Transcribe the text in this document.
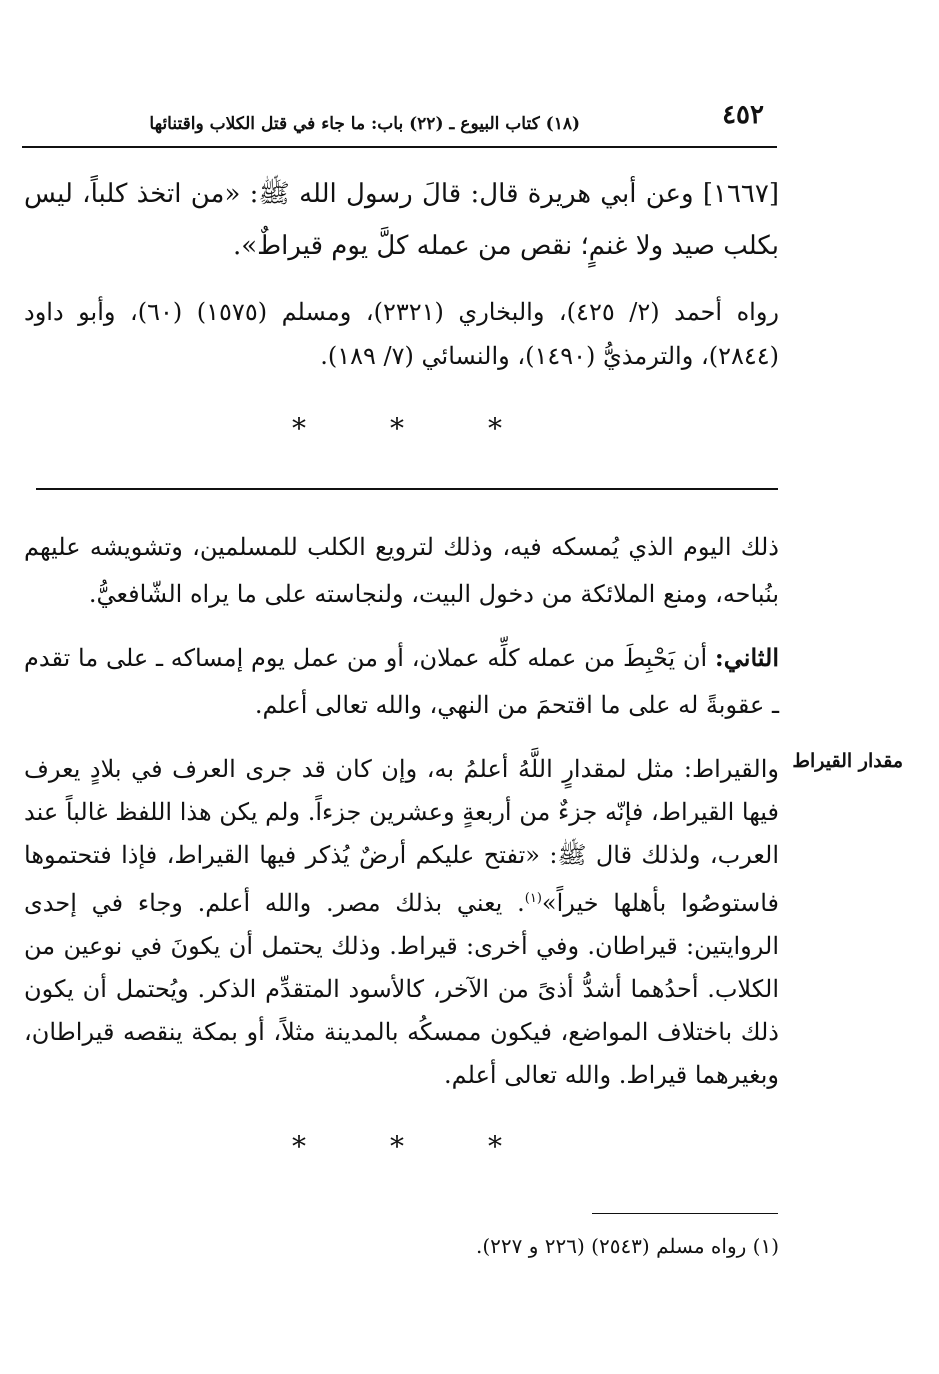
٤٥٢
(١٨) كتاب البيوع ـ (٢٢) باب: ما جاء في قتل الكلاب واقتنائها
[١٦٦٧] وعن أبي هريرة قال: قالَ رسول الله ﷺ: «من اتخذ كلباً، ليس بكلب صيد ولا غنمٍ؛ نقص من عمله كلَّ يوم قيراطٌ».
رواه أحمد (٢/ ٤٢٥)، والبخاري (٢٣٢١)، ومسلم (١٥٧٥) (٦٠)، وأبو داود (٢٨٤٤)، والترمذيُّ (١٤٩٠)، والنسائي (٧/ ١٨٩).
*	*	*
ذلك اليوم الذي يُمسكه فيه، وذلك لترويع الكلب للمسلمين، وتشويشه عليهم بنُباحه، ومنع الملائكة من دخول البيت، ولنجاسته على ما يراه الشّافعيُّ.
الثاني: أن يَحْبِطَ من عمله كلِّه عملان، أو من عمل يوم إمساكه ـ على ما تقدم ـ عقوبةً له على ما اقتحمَ من النهي، والله تعالى أعلم.
مقدار القيراط
والقيراط: مثل لمقدارٍ اللَّهُ أعلمُ به، وإن كان قد جرى العرف في بلادٍ يعرف فيها القيراط، فإنّه جزءٌ من أربعةٍ وعشرين جزءاً. ولم يكن هذا اللفظ غالباً عند العرب، ولذلك قال ﷺ: «تفتح عليكم أرضٌ يُذكر فيها القيراط، فإذا فتحتموها فاستوصُوا بأهلها خيراً»$^{(١)}$. يعني بذلك مصر. والله أعلم. وجاء في إحدى الروايتين: قيراطان. وفي أخرى: قيراط. وذلك يحتمل أن يكونَ في نوعين من الكلاب. أحدُهما أشدُّ أذىً من الآخر، كالأسود المتقدِّم الذكر. ويُحتمل أن يكون ذلك باختلاف المواضع، فيكون ممسكُه بالمدينة مثلاً، أو بمكة ينقصه قيراطان، وبغيرهما قيراط. والله تعالى أعلم.
*	*	*
(١) رواه مسلم (٢٥٤٣) (٢٢٦ و ٢٢٧).
